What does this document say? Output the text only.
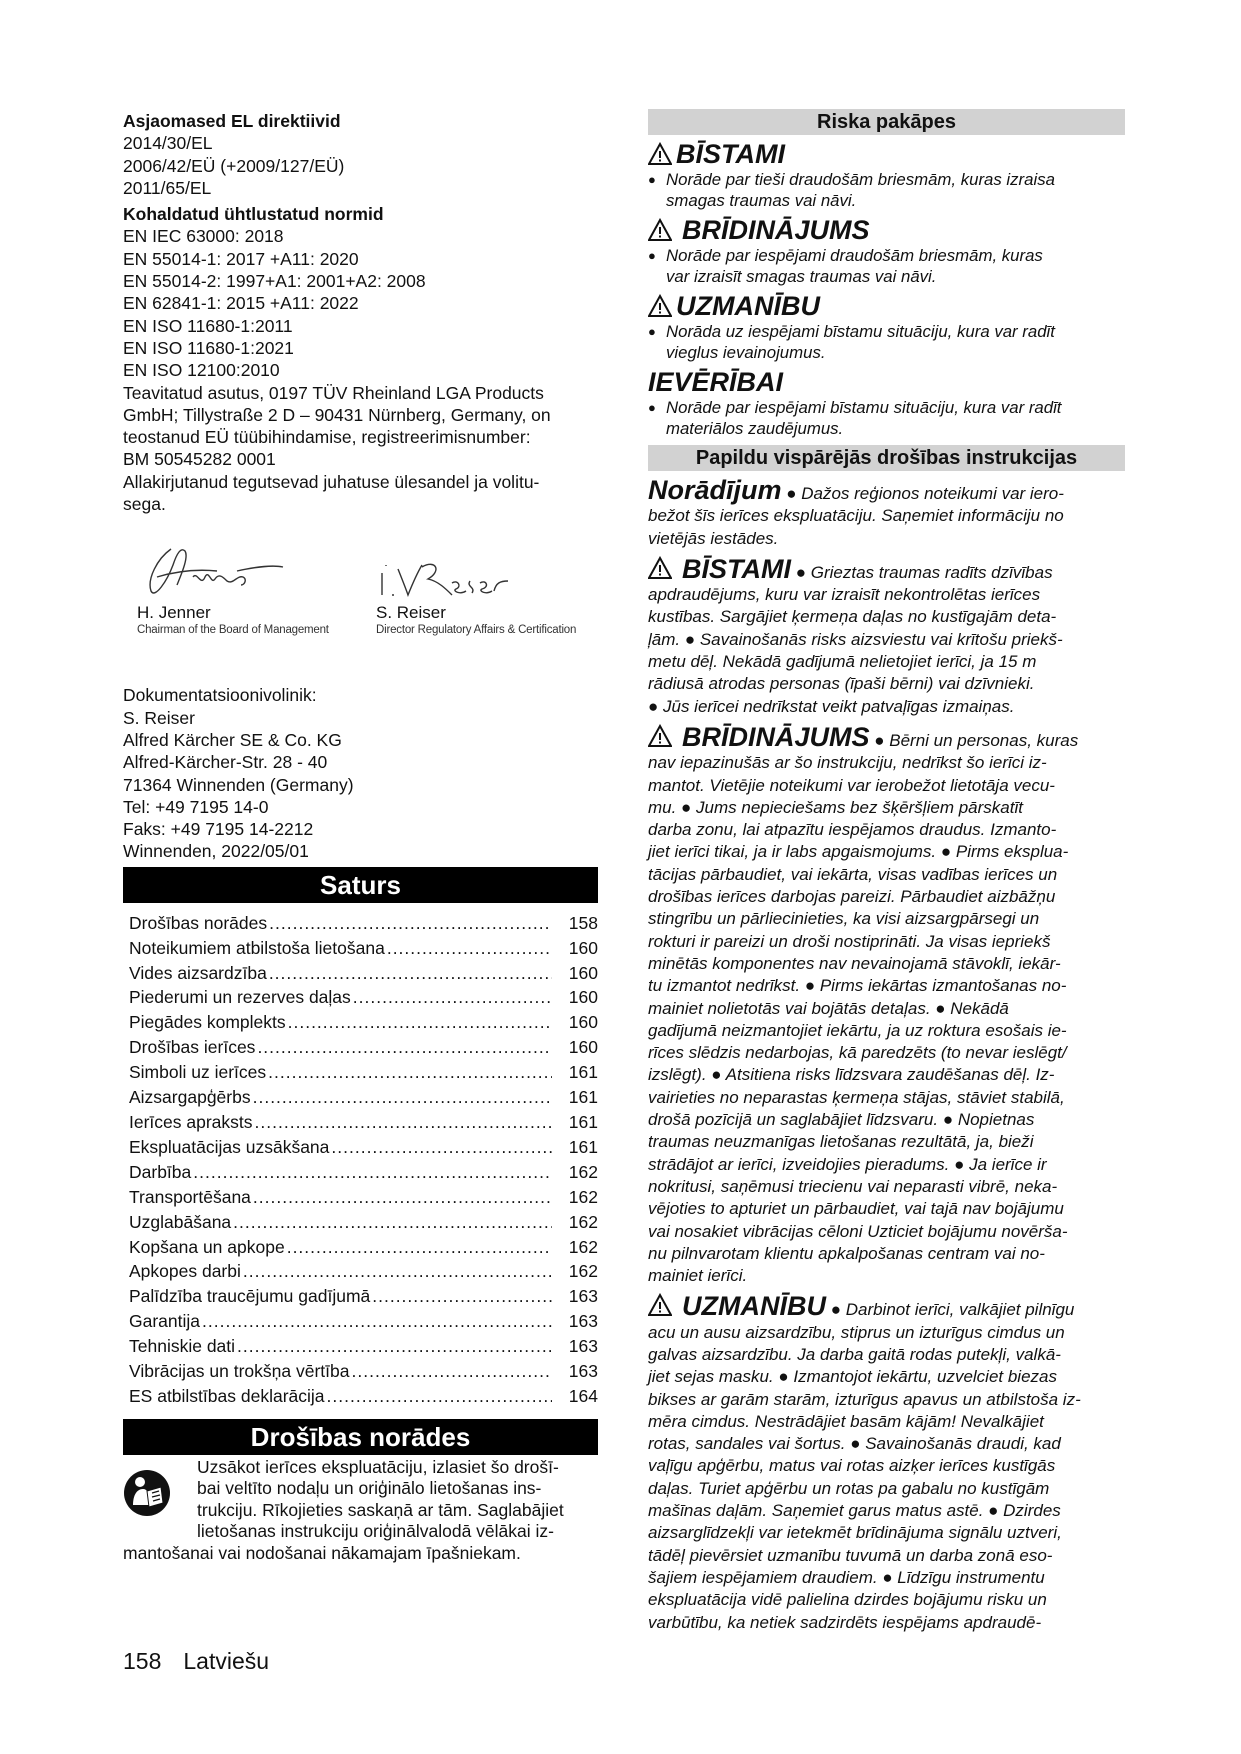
Asjaomased EL direktiivid
2014/30/EL
2006/42/EÜ (+2009/127/EÜ)
2011/65/EL
Kohaldatud ühtlustatud normid
EN IEC 63000: 2018
EN 55014-1: 2017 +A11: 2020
EN 55014-2: 1997+A1: 2001+A2: 2008
EN 62841-1: 2015 +A11: 2022
EN ISO 11680-1:2011
EN ISO 11680-1:2021
EN ISO 12100:2010
Teavitatud asutus, 0197 TÜV Rheinland LGA Products
GmbH; Tillystraße 2 D – 90431 Nürnberg, Germany, on
teostanud EÜ tüübihindamise, registreerimisnumber:
BM 50545282 0001
Allakirjutanud tegutsevad juhatuse ülesandel ja volitu-
sega.
H. Jenner
Chairman of the Board of Management
S. Reiser
Director Regulatory Affairs & Certification
Dokumentatsioonivolinik:
S. Reiser
Alfred Kärcher SE & Co. KG
Alfred-Kärcher-Str. 28 - 40
71364 Winnenden (Germany)
Tel: +49 7195 14-0
Faks: +49 7195 14-2212
Winnenden, 2022/05/01
Saturs
Drošības norādes .....	158
Noteikumiem atbilstoša lietošana .....	160
Vides aizsardzība .....	160
Piederumi un rezerves daļas .....	160
Piegādes komplekts .....	160
Drošības ierīces .....	160
Simboli uz ierīces .....	161
Aizsargapģērbs .....	161
Ierīces apraksts .....	161
Ekspluatācijas uzsākšana .....	161
Darbība .....	162
Transportēšana .....	162
Uzglabāšana .....	162
Kopšana un apkope .....	162
Apkopes darbi .....	162
Palīdzība traucējumu gadījumā .....	163
Garantija .....	163
Tehniskie dati .....	163
Vibrācijas un trokšņa vērtība .....	163
ES atbilstības deklarācija .....	164
Drošības norādes
Uzsākot ierīces ekspluatāciju, izlasiet šo drošī-
bai veltīto nodaļu un oriģinālo lietošanas ins-
trukciju. Rīkojieties saskaņā ar tām. Saglabājiet
lietošanas instrukciju oriģinālvalodā vēlākai iz-
mantošanai vai nodošanai nākamajam īpašniekam.
158 Latviešu
Riska pakāpes
BĪSTAMI
● Norāde par tieši draudošām briesmām, kuras izraisa
smagas traumas vai nāvi.
BRĪDINĀJUMS
● Norāde par iespējami draudošām briesmām, kuras
var izraisīt smagas traumas vai nāvi.
UZMANĪBU
● Norāda uz iespējami bīstamu situāciju, kura var radīt
vieglus ievainojumus.
IEVĒRĪBAI
● Norāde par iespējami bīstamu situāciju, kura var radīt
materiālos zaudējumus.
Papildu vispārējās drošības instrukcijas
Norādījum ● Dažos reģionos noteikumi var iero-
bežot šīs ierīces ekspluatāciju. Saņemiet informāciju no
vietējās iestādes.
BĪSTAMI ● Grieztas traumas radīts dzīvības
apdraudējums, kuru var izraisīt nekontrolētas ierīces
kustības. Sargājiet ķermeņa daļas no kustīgajām deta-
ļām. ● Savainošanās risks aizsviestu vai krītošu priekš-
metu dēļ. Nekādā gadījumā nelietojiet ierīci, ja 15 m
rādiusā atrodas personas (īpaši bērni) vai dzīvnieki.
● Jūs ierīcei nedrīkstat veikt patvaļīgas izmaiņas.
BRĪDINĀJUMS ● Bērni un personas, kuras
nav iepazinušās ar šo instrukciju, nedrīkst šo ierīci iz-
mantot. Vietējie noteikumi var ierobežot lietotāja vecu-
mu. ● Jums nepieciešams bez šķēršļiem pārskatīt
darba zonu, lai atpazītu iespējamos draudus. Izmanto-
jiet ierīci tikai, ja ir labs apgaismojums. ● Pirms eksplua-
tācijas pārbaudiet, vai iekārta, visas vadības ierīces un
drošības ierīces darbojas pareizi. Pārbaudiet aizbāžņu
stingrību un pārliecinieties, ka visi aizsargpārsegi un
rokturi ir pareizi un droši nostiprināti. Ja visas iepriekš
minētās komponentes nav nevainojamā stāvoklī, iekār-
tu izmantot nedrīkst. ● Pirms iekārtas izmantošanas no-
mainiet nolietotās vai bojātās detaļas. ● Nekādā
gadījumā neizmantojiet iekārtu, ja uz roktura esošais ie-
rīces slēdzis nedarbojas, kā paredzēts (to nevar ieslēgt/
izslēgt). ● Atsitiena risks līdzsvara zaudēšanas dēļ. Iz-
vairieties no neparastas ķermeņa stājas, stāviet stabilā,
drošā pozīcijā un saglabājiet līdzsvaru. ● Nopietnas
traumas neuzmanīgas lietošanas rezultātā, ja, bieži
strādājot ar ierīci, izveidojies pieradums. ● Ja ierīce ir
nokritusi, saņēmusi triecienu vai neparasti vibrē, neka-
vējoties to apturiet un pārbaudiet, vai tajā nav bojājumu
vai nosakiet vibrācijas cēloni Uzticiet bojājumu novērša-
nu pilnvarotam klientu apkalpošanas centram vai no-
mainiet ierīci.
UZMANĪBU ● Darbinot ierīci, valkājiet pilnīgu
acu un ausu aizsardzību, stiprus un izturīgus cimdus un
galvas aizsardzību. Ja darba gaitā rodas putekļi, valkā-
jiet sejas masku. ● Izmantojot iekārtu, uzvelciet biezas
bikses ar garām starām, izturīgus apavus un atbilstoša iz-
mēra cimdus. Nestrādājiet basām kājām! Nevalkājiet
rotas, sandales vai šortus. ● Savainošanās draudi, kad
vaļīgu apģērbu, matus vai rotas aizķer ierīces kustīgās
daļas. Turiet apģērbu un rotas pa gabalu no kustīgām
mašīnas daļām. Saņemiet garus matus astē. ● Dzirdes
aizsarglīdzekļi var ietekmēt brīdinājuma signālu uztveri,
tādēļ pievērsiet uzmanību tuvumā un darba zonā eso-
šajiem iespējamiem draudiem. ● Līdzīgu instrumentu
ekspluatācija vidē palielina dzirdes bojājumu risku un
varbūtību, ka netiek sadzirdēts iespējams apdraudē-
